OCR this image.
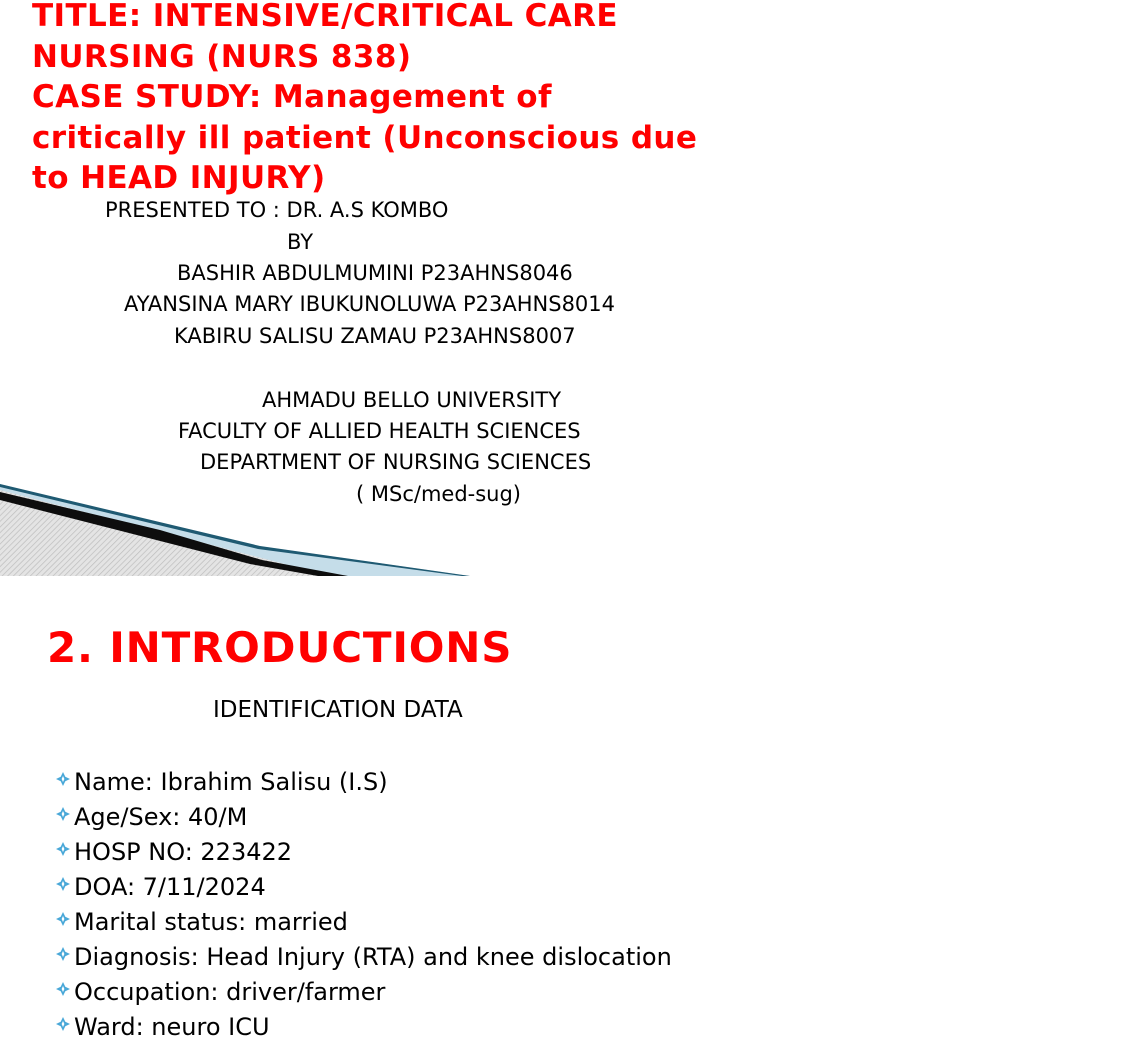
TITLE: INTENSIVE/CRITICAL CARE
NURSING (NURS 838)
CASE STUDY: Management of
critically ill patient (Unconscious due
to HEAD INJURY)
PRESENTED TO : DR. A.S KOMBO
BY
BASHIR ABDULMUMINI P23AHNS8046
AYANSINA MARY IBUKUNOLUWA P23AHNS8014
KABIRU SALISU ZAMAU P23AHNS8007
AHMADU BELLO UNIVERSITY
FACULTY OF ALLIED HEALTH SCIENCES
DEPARTMENT OF NURSING SCIENCES
( MSc/med-sug)
2. INTRODUCTIONS
IDENTIFICATION DATA
Name: Ibrahim Salisu (I.S)
Age/Sex: 40/M
HOSP NO: 223422
DOA: 7/11/2024
Marital status: married
Diagnosis: Head Injury (RTA) and knee dislocation
Occupation: driver/farmer
Ward: neuro ICU
